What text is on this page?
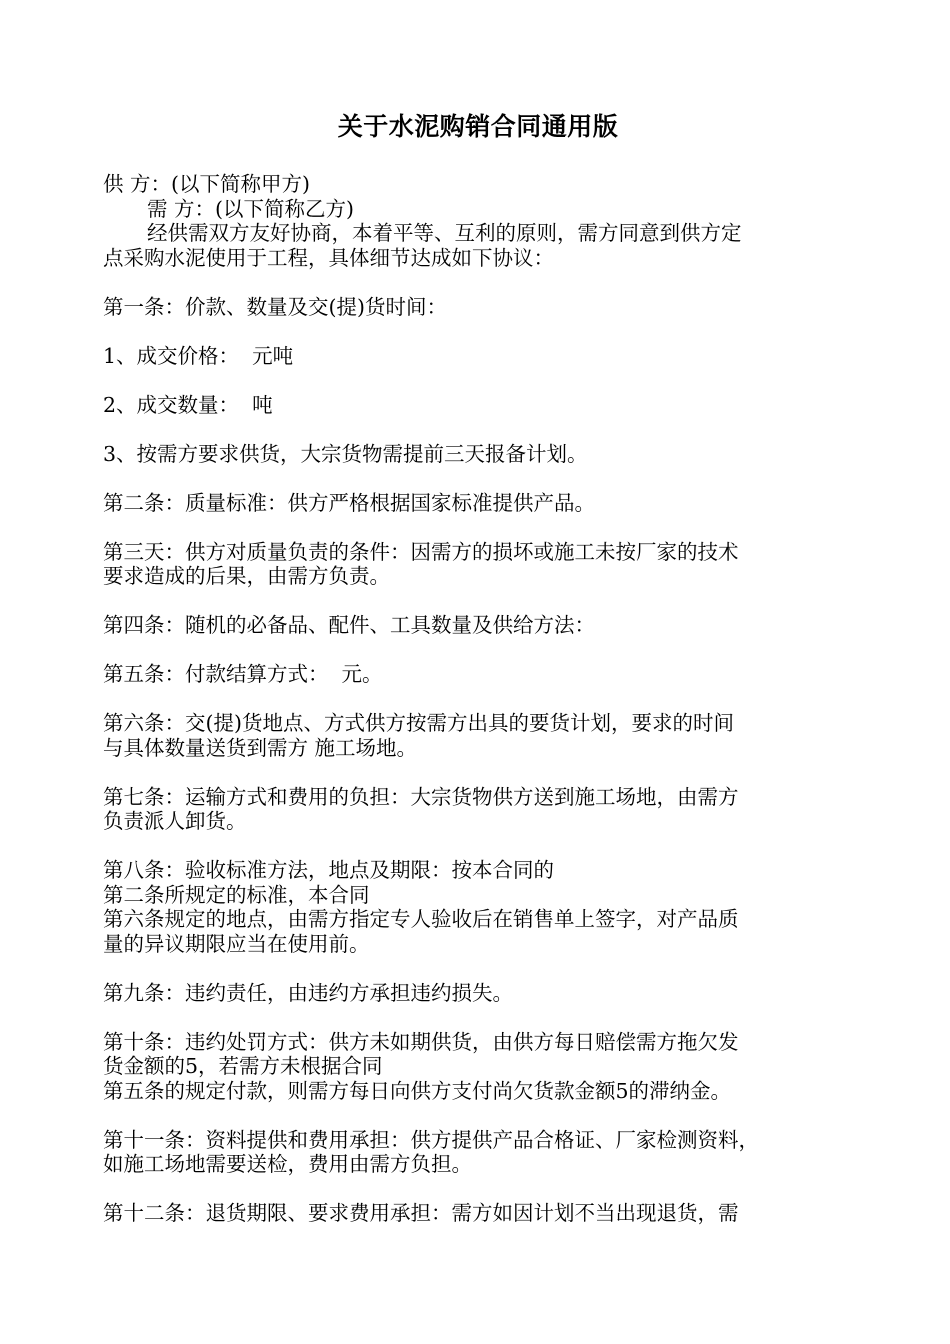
关于水泥购销合同通用版
供 方：(以下简称甲方)
需 方：(以下简称乙方)
经供需双方友好协商，本着平等、互利的原则，需方同意到供方定
点采购水泥使用于工程，具体细节达成如下协议：
第一条：价款、数量及交(提)货时间：
1、成交价格：  元吨
2、成交数量：  吨
3、按需方要求供货，大宗货物需提前三天报备计划。
第二条：质量标准：供方严格根据国家标准提供产品。
第三天：供方对质量负责的条件：因需方的损坏或施工未按厂家的技术
要求造成的后果，由需方负责。
第四条：随机的必备品、配件、工具数量及供给方法：
第五条：付款结算方式：  元。
第六条：交(提)货地点、方式供方按需方出具的要货计划，要求的时间
与具体数量送货到需方 施工场地。
第七条：运输方式和费用的负担：大宗货物供方送到施工场地，由需方
负责派人卸货。
第八条：验收标准方法，地点及期限：按本合同的
第二条所规定的标准，本合同
第六条规定的地点，由需方指定专人验收后在销售单上签字，对产品质
量的异议期限应当在使用前。
第九条：违约责任，由违约方承担违约损失。
第十条：违约处罚方式：供方未如期供货，由供方每日赔偿需方拖欠发
货金额的5，若需方未根据合同
第五条的规定付款，则需方每日向供方支付尚欠货款金额5的滞纳金。
第十一条：资料提供和费用承担：供方提供产品合格证、厂家检测资料，
如施工场地需要送检，费用由需方负担。
第十二条：退货期限、要求费用承担：需方如因计划不当出现退货，需
